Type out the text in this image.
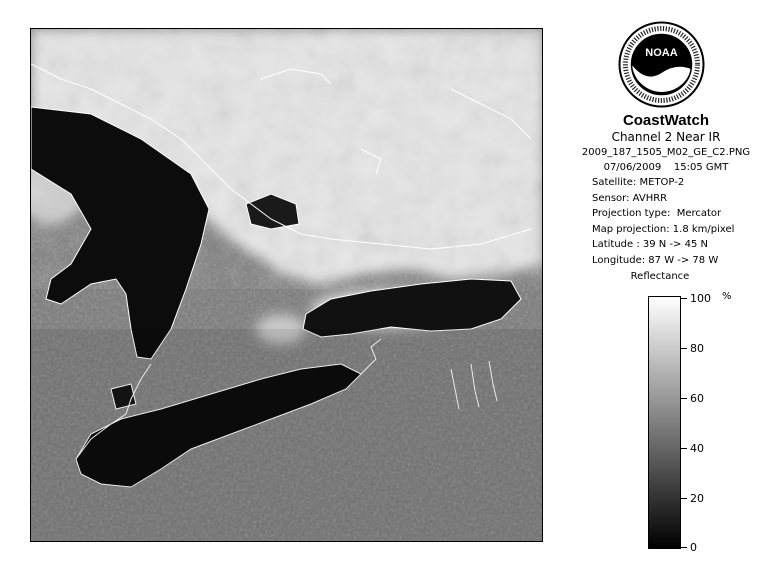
NOAA
CoastWatch
Channel 2 Near IR
2009_187_1505_M02_GE_C2.PNG
07/06/2009    15:05 GMT
Satellite: METOP-2
Sensor: AVHRR
Projection type:  Mercator
Map projection: 1.8 km/pixel
Latitude : 39 N -> 45 N
Longitude: 87 W -> 78 W
Reflectance
%
100
80
60
40
20
0
